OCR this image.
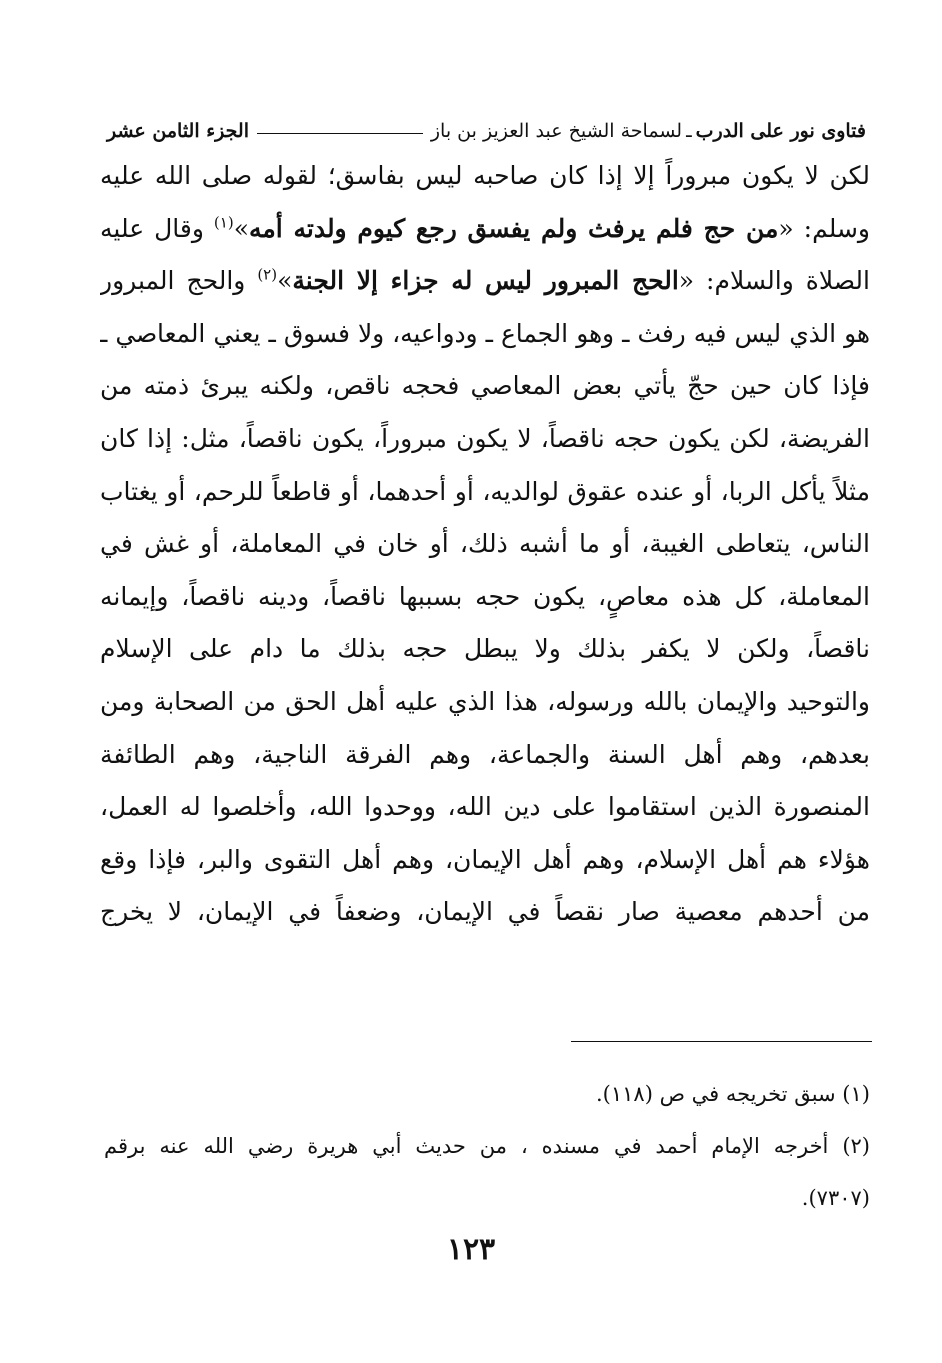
فتاوى نور على الدرب
ـ
لسماحة الشيخ عبد العزيز بن باز
الجزء الثامن عشر
لكن لا يكون مبروراً إلا إذا كان صاحبه ليس بفاسق؛ لقوله صلى الله عليه
وسلم: «من حج فلم يرفث ولم يفسق رجع كيوم ولدته أمه»$^{(١)}$ وقال عليه
الصلاة والسلام: «الحج المبرور ليس له جزاء إلا الجنة»$^{(٢)}$ والحج المبرور
هو الذي ليس فيه رفث ـ وهو الجماع ـ ودواعيه، ولا فسوق ـ يعني المعاصي ـ
فإذا كان حين حجّ يأتي بعض المعاصي فحجه ناقص، ولكنه يبرئ ذمته من
الفريضة، لكن يكون حجه ناقصاً، لا يكون مبروراً، يكون ناقصاً، مثل: إذا كان
مثلاً يأكل الربا، أو عنده عقوق لوالديه، أو أحدهما، أو قاطعاً للرحم، أو يغتاب
الناس، يتعاطى الغيبة، أو ما أشبه ذلك، أو خان في المعاملة، أو غش في
المعاملة، كل هذه معاصٍ، يكون حجه بسببها ناقصاً، ودينه ناقصاً، وإيمانه
ناقصاً، ولكن لا يكفر بذلك ولا يبطل حجه بذلك ما دام على الإسلام
والتوحيد والإيمان بالله ورسوله، هذا الذي عليه أهل الحق من الصحابة ومن
بعدهم، وهم أهل السنة والجماعة، وهم الفرقة الناجية، وهم الطائفة
المنصورة الذين استقاموا على دين الله، ووحدوا الله، وأخلصوا له العمل،
هؤلاء هم أهل الإسلام، وهم أهل الإيمان، وهم أهل التقوى والبر، فإذا وقع
من أحدهم معصية صار نقصاً في الإيمان، وضعفاً في الإيمان، لا يخرج
(١) سبق تخريجه في ص (١١٨).
(٢) أخرجه الإمام أحمد في مسنده ، من حديث أبي هريرة رضي الله عنه برقم
(٧٣٠٧).
١٢٣
